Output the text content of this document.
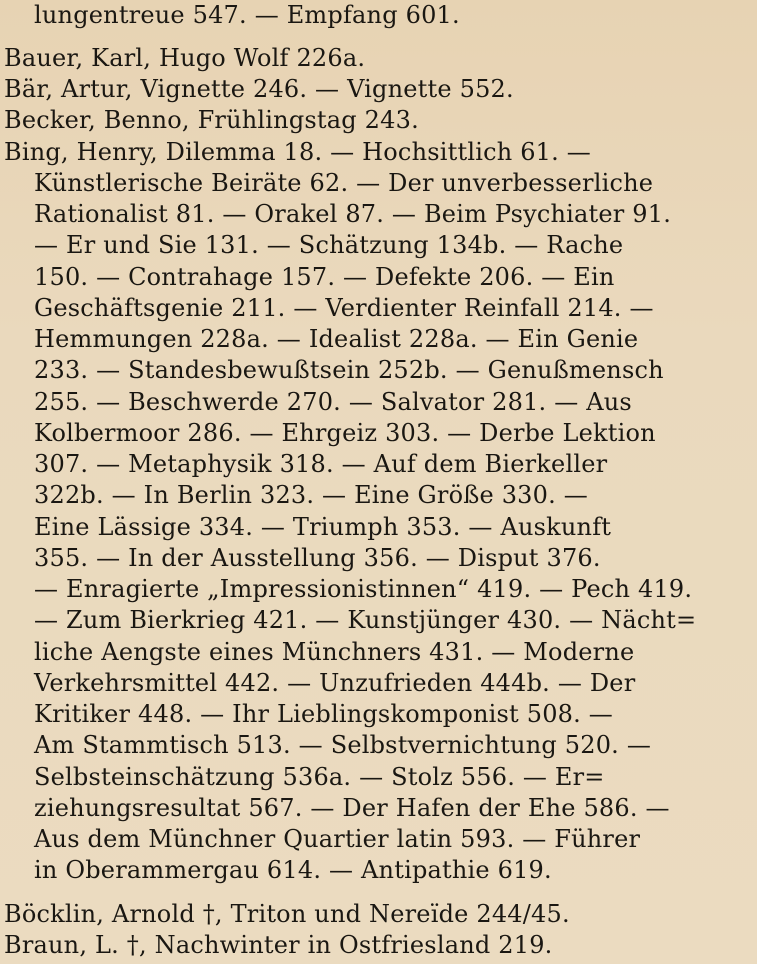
lungentreue 547. — Empfang 601.
Bauer, Karl, Hugo Wolf 226a.
Bär, Artur, Vignette 246. — Vignette 552.
Becker, Benno, Frühlingstag 243.
Bing, Henry, Dilemma 18. — Hochsittlich 61. —
Künstlerische Beiräte 62. — Der unverbesserliche
Rationalist 81. — Orakel 87. — Beim Psychiater 91.
— Er und Sie 131. — Schätzung 134b. — Rache
150. — Contrahage 157. — Defekte 206. — Ein
Geschäftsgenie 211. — Verdienter Reinfall 214. —
Hemmungen 228a. — Idealist 228a. — Ein Genie
233. — Standesbewußtsein 252b. — Genußmensch
255. — Beschwerde 270. — Salvator 281. — Aus
Kolbermoor 286. — Ehrgeiz 303. — Derbe Lektion
307. — Metaphysik 318. — Auf dem Bierkeller
322b. — In Berlin 323. — Eine Größe 330. —
Eine Lässige 334. — Triumph 353. — Auskunft
355. — In der Ausstellung 356. — Disput 376.
— Enragierte „Impressionistinnen“ 419. — Pech 419.
— Zum Bierkrieg 421. — Kunstjünger 430. — Nächt=
liche Aengste eines Münchners 431. — Moderne
Verkehrsmittel 442. — Unzufrieden 444b. — Der
Kritiker 448. — Ihr Lieblingskomponist 508. —
Am Stammtisch 513. — Selbstvernichtung 520. —
Selbsteinschätzung 536a. — Stolz 556. — Er=
ziehungsresultat 567. — Der Hafen der Ehe 586. —
Aus dem Münchner Quartier latin 593. — Führer
in Oberammergau 614. — Antipathie 619.
Böcklin, Arnold †, Triton und Nereïde 244/45.
Braun, L. †, Nachwinter in Ostfriesland 219.
